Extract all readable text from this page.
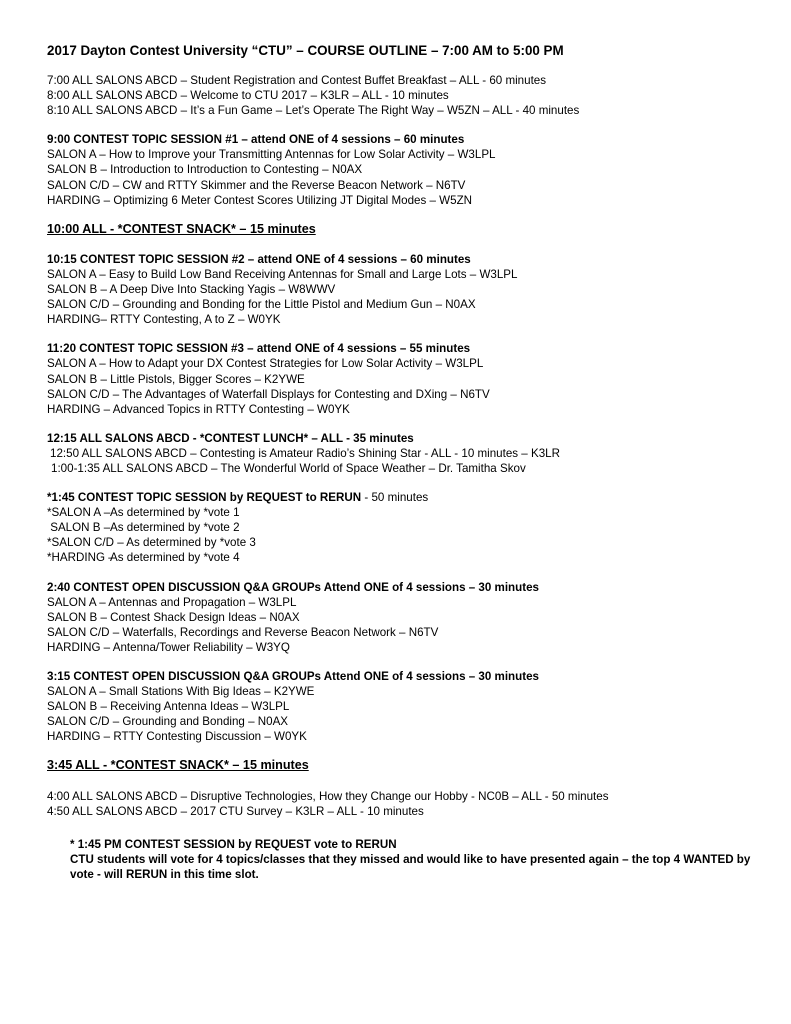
2017 Dayton Contest University “CTU” – COURSE OUTLINE – 7:00 AM to 5:00 PM
7:00 ALL SALONS ABCD – Student Registration and Contest Buffet Breakfast – ALL - 60 minutes
8:00 ALL SALONS ABCD – Welcome to CTU 2017 – K3LR – ALL - 10 minutes
8:10 ALL SALONS ABCD – It’s a Fun Game – Let’s Operate The Right Way – W5ZN – ALL - 40 minutes
9:00 CONTEST TOPIC SESSION #1 – attend ONE of 4 sessions – 60 minutes
SALON A – How to Improve your Transmitting Antennas for Low Solar Activity – W3LPL
SALON B – Introduction to Introduction to Contesting – N0AX
SALON C/D – CW and RTTY Skimmer and the Reverse Beacon Network – N6TV
HARDING – Optimizing 6 Meter Contest Scores Utilizing JT Digital Modes – W5ZN
10:00 ALL - *CONTEST SNACK* – 15 minutes
10:15 CONTEST TOPIC SESSION #2 – attend ONE of 4 sessions – 60 minutes
SALON A – Easy to Build Low Band Receiving Antennas for Small and Large Lots – W3LPL
SALON B – A Deep Dive Into Stacking Yagis – W8WWV
SALON C/D – Grounding and Bonding for the Little Pistol and Medium Gun – N0AX
HARDING– RTTY Contesting, A to Z – W0YK
11:20 CONTEST TOPIC SESSION #3 – attend ONE of 4 sessions – 55 minutes
SALON A – How to Adapt your DX Contest Strategies for Low Solar Activity – W3LPL
SALON B – Little Pistols, Bigger Scores – K2YWE
SALON C/D – The Advantages of Waterfall Displays for Contesting and DXing – N6TV
HARDING – Advanced Topics in RTTY Contesting – W0YK
12:15 ALL SALONS ABCD - *CONTEST LUNCH* – ALL - 35 minutes
12:50 ALL SALONS ABCD – Contesting is Amateur Radio’s Shining Star - ALL - 10 minutes – K3LR
1:00-1:35 ALL SALONS ABCD – The Wonderful World of Space Weather – Dr. Tamitha Skov
*1:45 CONTEST TOPIC SESSION by REQUEST to RERUN - 50 minutes
*SALON A –As determined by *vote 1
SALON B –As determined by *vote 2
*SALON C/D – As determined by *vote 3
*HARDING –As determined by *vote 4
2:40 CONTEST OPEN DISCUSSION Q&A GROUPs Attend ONE of 4 sessions – 30 minutes
SALON A – Antennas and Propagation – W3LPL
SALON B – Contest Shack Design Ideas – N0AX
SALON C/D – Waterfalls, Recordings and Reverse Beacon Network – N6TV
HARDING – Antenna/Tower Reliability – W3YQ
3:15 CONTEST OPEN DISCUSSION Q&A GROUPs Attend ONE of 4 sessions – 30 minutes
SALON A – Small Stations With Big Ideas – K2YWE
SALON B – Receiving Antenna Ideas – W3LPL
SALON C/D – Grounding and Bonding – N0AX
HARDING – RTTY Contesting Discussion – W0YK
3:45 ALL - *CONTEST SNACK* – 15 minutes
4:00 ALL SALONS ABCD – Disruptive Technologies, How they Change our Hobby - NC0B – ALL - 50 minutes
4:50 ALL SALONS ABCD – 2017 CTU Survey – K3LR – ALL - 10 minutes
* 1:45 PM CONTEST SESSION by REQUEST vote to RERUN
CTU students will vote for 4 topics/classes that they missed and would like to have presented again – the top 4 WANTED by vote - will RERUN in this time slot.
